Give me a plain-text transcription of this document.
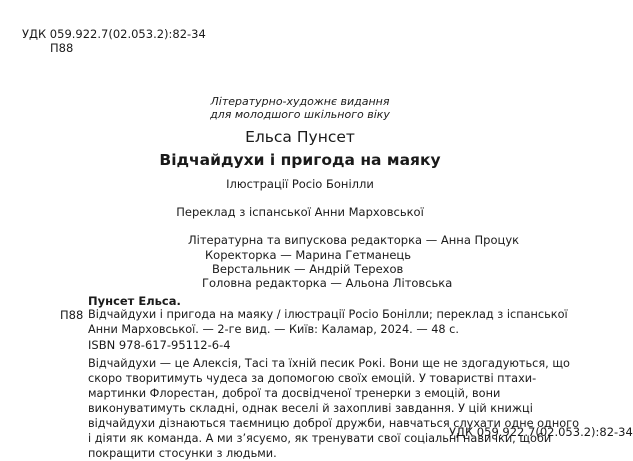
УДК 059.922.7(02.053.2):82-34
П88
Літературно-художнє видання
для молодшого шкільного віку
Ельса Пунсет
Відчайдухи і пригода на маяку
Ілюстрації Росіо Бонілли
Переклад з іспанської Анни Марховської
Літературна та випускова редакторка — Анна Процук
Коректорка — Марина Гетманець
Верстальник — Андрій Терехов
Головна редакторка — Альона Літовська
Пунсет Ельса.
П88 Відчайдухи і пригода на маяку / ілюстрації Росіо Бонілли; переклад з іспанської Анни Марховської. — 2-ге вид. — Київ: Каламар, 2024. — 48 с.
ISBN 978-617-95112-6-4
Відчайдухи — це Алексія, Тасі та їхній песик Рокі. Вони ще не здогадуються, що скоро творитимуть чудеса за допомогою своїх емоцій. У товаристві птахи-мартинки Флорестан, доброї та досвідченої тренерки з емоцій, вони виконуватимуть складні, однак веселі й захопливі завдання. У цій книжці відчайдухи дізнаються таємницю доброї дружби, навчаться слухати одне одного і діяти як команда. А ми з’ясуємо, як тренувати свої соціальні навички, щоби покращити стосунки з людьми.
УДК 059.922.7(02.053.2):82-34
